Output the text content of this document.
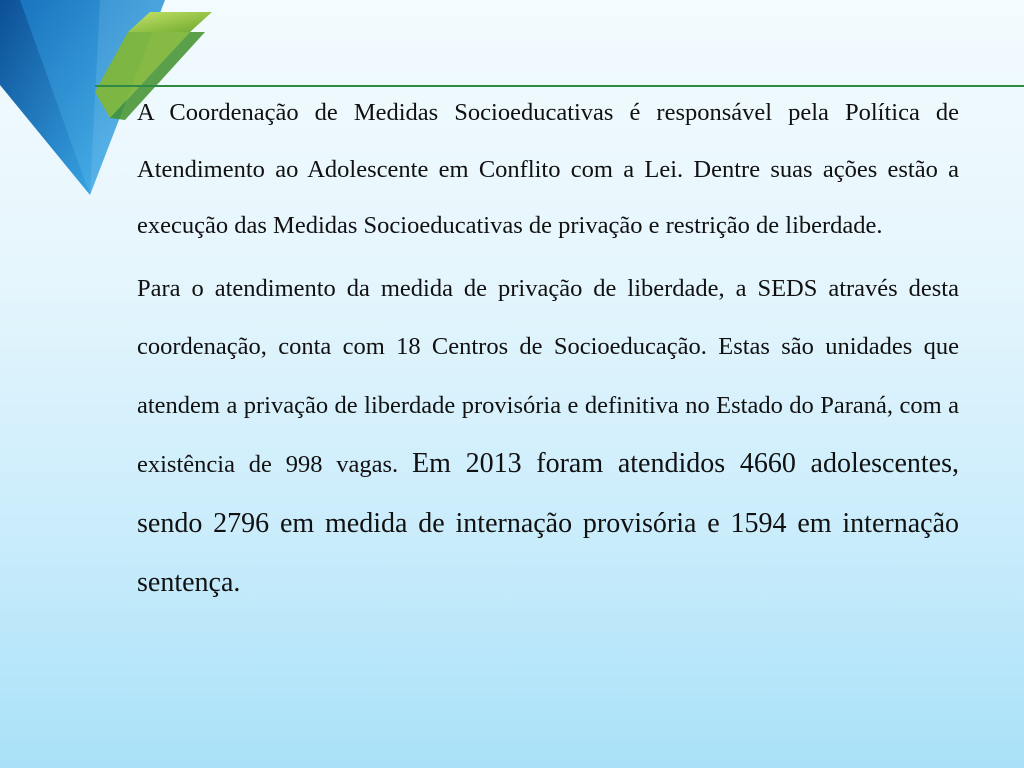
A Coordenação de Medidas Socioeducativas é responsável pela Política de Atendimento ao Adolescente em Conflito com a Lei. Dentre suas ações estão a execução das Medidas Socioeducativas de privação e restrição de liberdade.

Para o atendimento da medida de privação de liberdade, a SEDS através desta coordenação, conta com 18 Centros de Socioeducação. Estas são unidades que atendem a privação de liberdade provisória e definitiva no Estado do Paraná, com a existência de 998 vagas. Em 2013 foram atendidos 4660 adolescentes, sendo 2796 em medida de internação provisória e 1594 em internação sentença.
